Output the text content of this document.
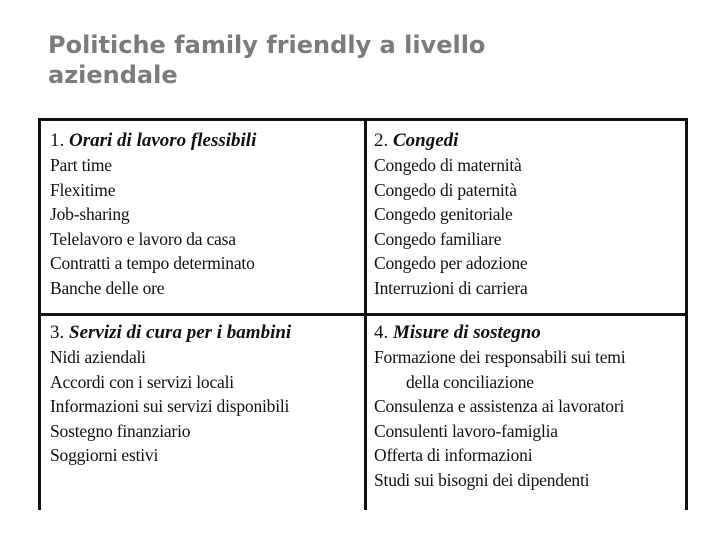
Politiche family friendly a livello
aziendale
1. Orari di lavoro flessibili
Part time
Flexitime
Job-sharing
Telelavoro e lavoro da casa
Contratti a tempo determinato
Banche delle ore
2. Congedi
Congedo di maternità
Congedo di paternità
Congedo genitoriale
Congedo familiare
Congedo per adozione
Interruzioni di carriera
3. Servizi di cura per i bambini
Nidi aziendali
Accordi con i servizi locali
Informazioni sui servizi disponibili
Sostegno finanziario
Soggiorni estivi
4. Misure di sostegno
Formazione dei responsabili sui temi
della conciliazione
Consulenza e assistenza ai lavoratori
Consulenti lavoro-famiglia
Offerta di informazioni
Studi sui bisogni dei dipendenti
